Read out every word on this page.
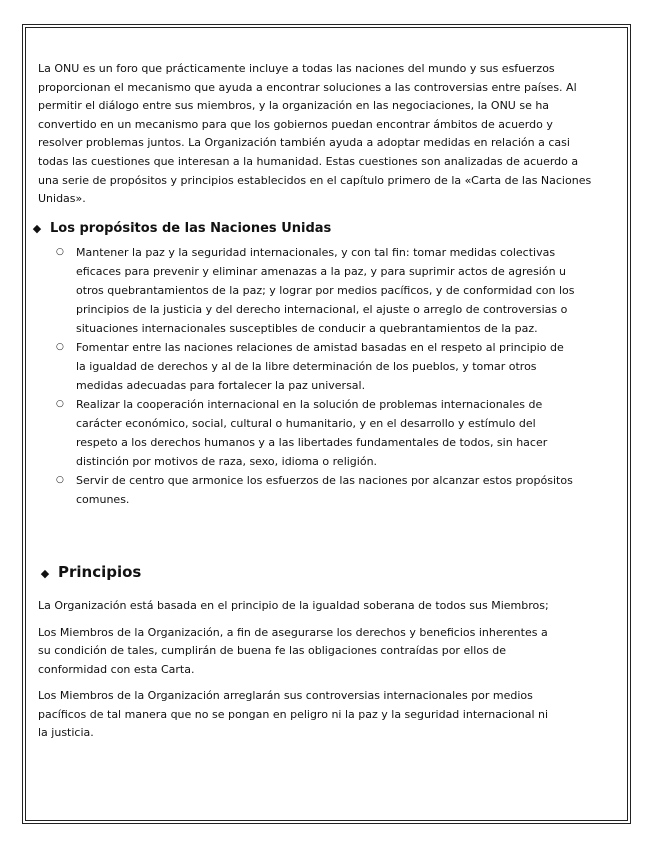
La ONU es un foro que prácticamente incluye a todas las naciones del mundo y sus esfuerzos proporcionan el mecanismo que ayuda a encontrar soluciones a las controversias entre países. Al permitir el diálogo entre sus miembros, y la organización en las negociaciones, la ONU se ha convertido en un mecanismo para que los gobiernos puedan encontrar ámbitos de acuerdo y resolver problemas juntos. La Organización también ayuda a adoptar medidas en relación a casi todas las cuestiones que interesan a la humanidad. Estas cuestiones son analizadas de acuerdo a una serie de propósitos y principios establecidos en el capítulo primero de la «Carta de las Naciones Unidas».

◆ Los propósitos de las Naciones Unidas
○ Mantener la paz y la seguridad internacionales, y con tal fin: tomar medidas colectivas eficaces para prevenir y eliminar amenazas a la paz, y para suprimir actos de agresión u otros quebrantamientos de la paz; y lograr por medios pacíficos, y de conformidad con los principios de la justicia y del derecho internacional, el ajuste o arreglo de controversias o situaciones internacionales susceptibles de conducir a quebrantamientos de la paz.
○ Fomentar entre las naciones relaciones de amistad basadas en el respeto al principio de la igualdad de derechos y al de la libre determinación de los pueblos, y tomar otros medidas adecuadas para fortalecer la paz universal.
○ Realizar la cooperación internacional en la solución de problemas internacionales de carácter económico, social, cultural o humanitario, y en el desarrollo y estímulo del respeto a los derechos humanos y a las libertades fundamentales de todos, sin hacer distinción por motivos de raza, sexo, idioma o religión.
○ Servir de centro que armonice los esfuerzos de las naciones por alcanzar estos propósitos comunes.
◆ Principios

La Organización está basada en el principio de la igualdad soberana de todos sus Miembros;

Los Miembros de la Organización, a fin de asegurarse los derechos y beneficios inherentes a su condición de tales, cumplirán de buena fe las obligaciones contraídas por ellos de conformidad con esta Carta.

Los Miembros de la Organización arreglarán sus controversias internacionales por medios pacíficos de tal manera que no se pongan en peligro ni la paz y la seguridad internacional ni la justicia.
